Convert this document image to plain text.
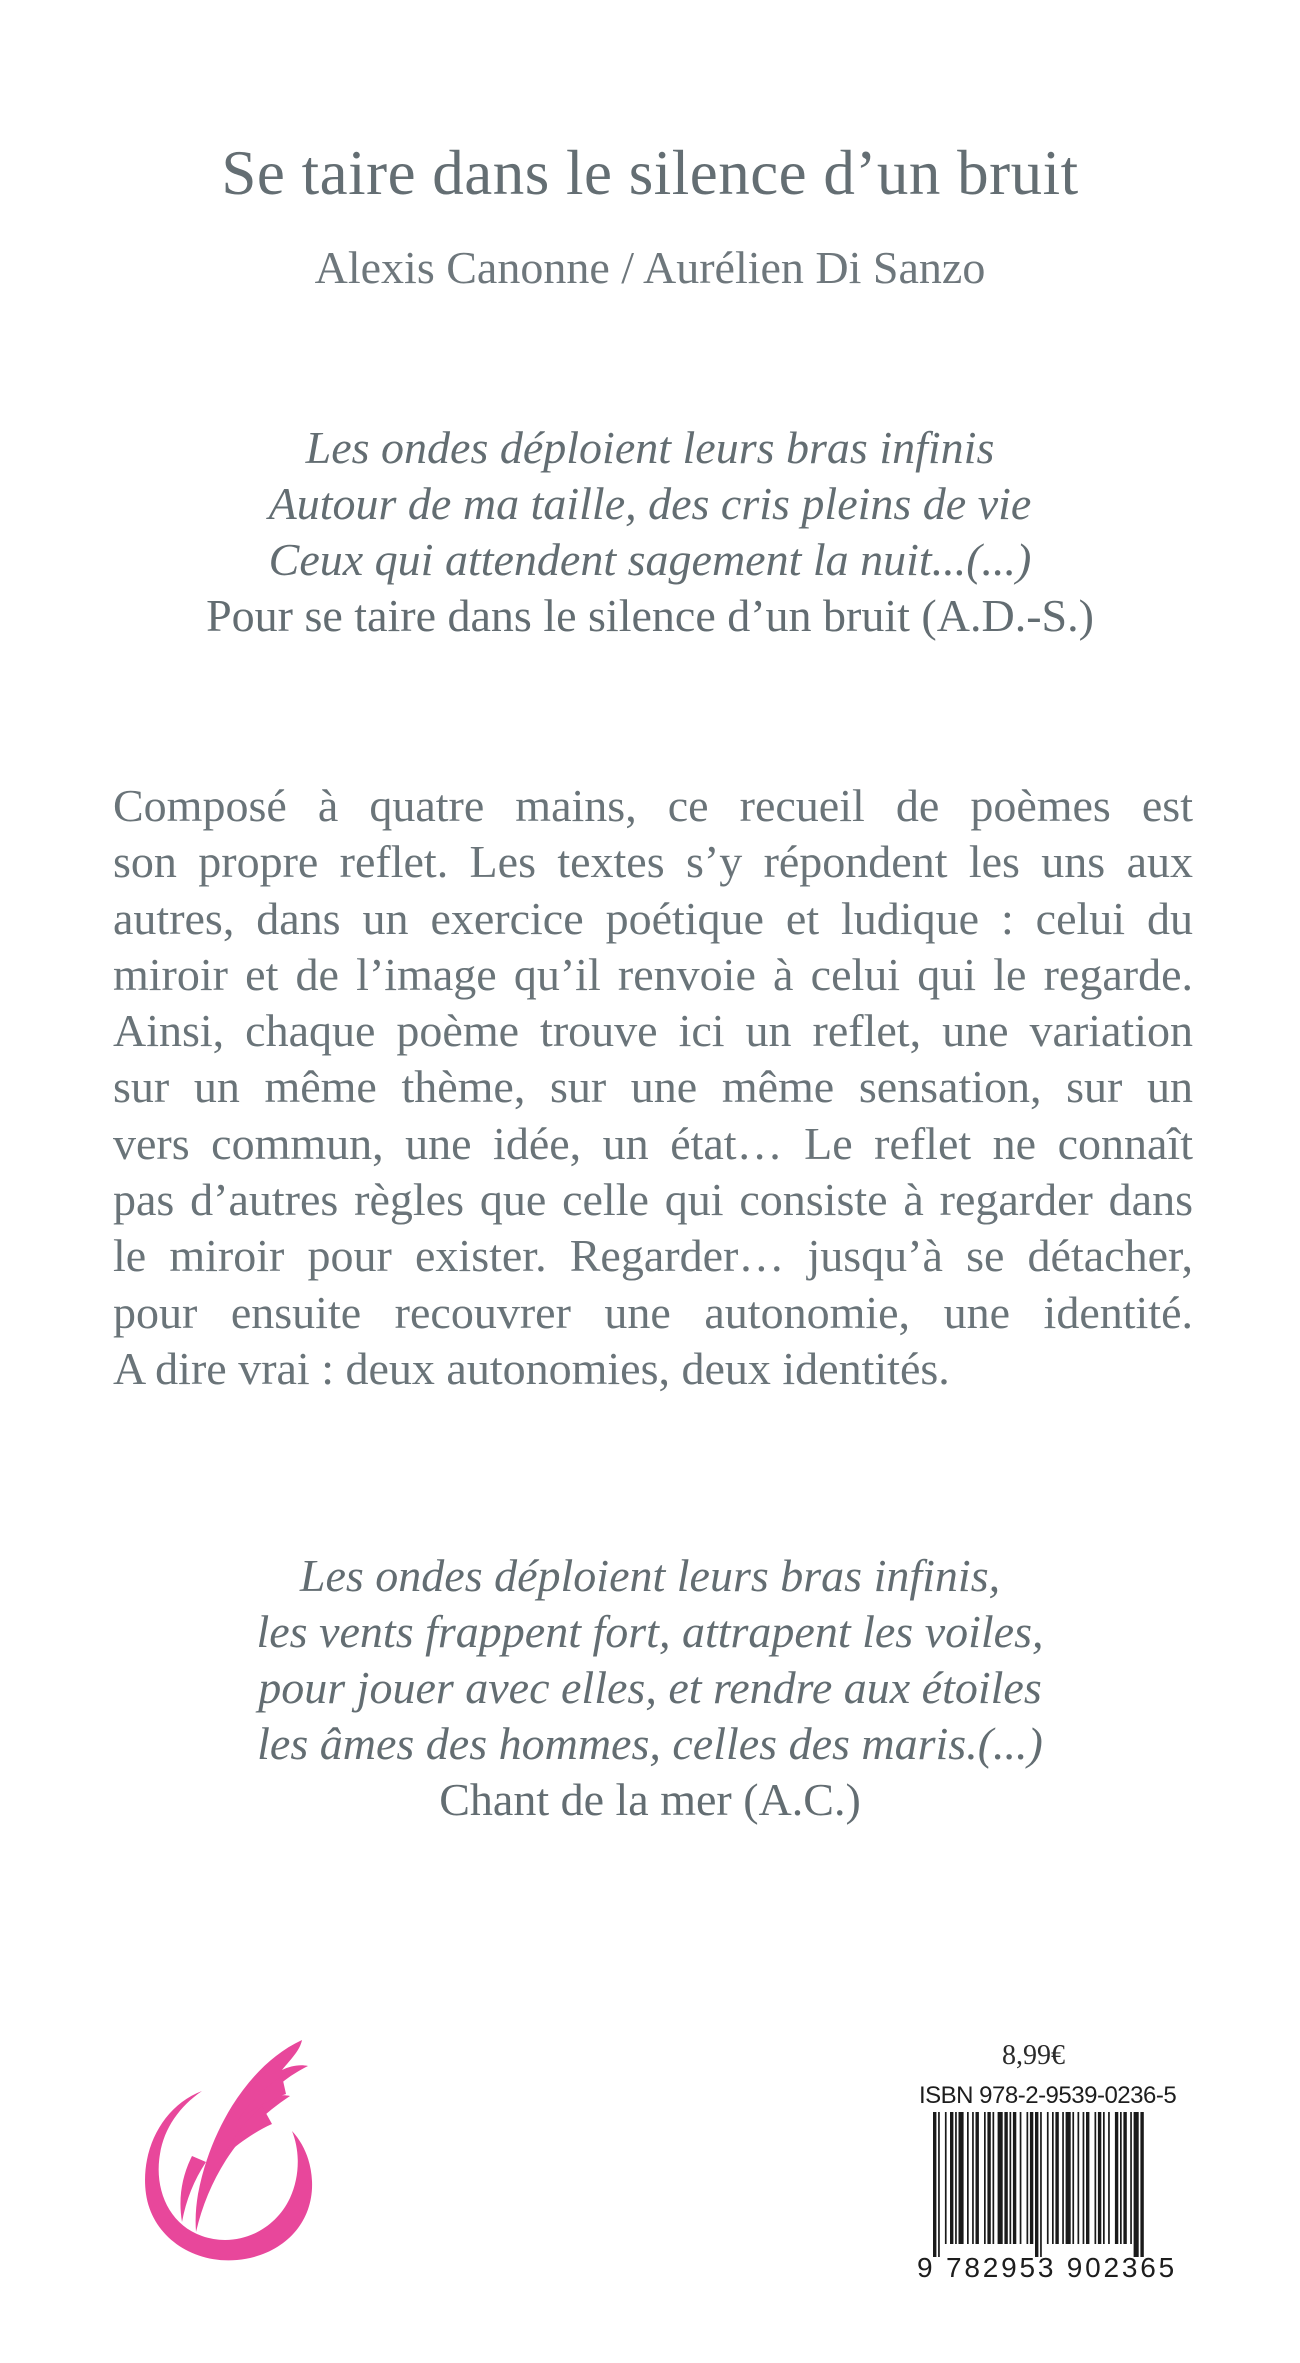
Se taire dans le silence d’un bruit
Alexis Canonne / Aurélien Di Sanzo
Les ondes déploient leurs bras infinis
Autour de ma taille, des cris pleins de vie
Ceux qui attendent sagement la nuit...(...)
Pour se taire dans le silence d’un bruit (A.D.-S.)
Composé à quatre mains, ce recueil de poèmes est
son propre reflet. Les textes s’y répondent les uns aux
autres, dans un exercice poétique et ludique : celui du
miroir et de l’image qu’il renvoie à celui qui le regarde.
Ainsi, chaque poème trouve ici un reflet, une variation
sur un même thème, sur une même sensation, sur un
vers commun, une idée, un état… Le reflet ne connaît
pas d’autres règles que celle qui consiste à regarder dans
le miroir pour exister. Regarder… jusqu’à se détacher,
pour ensuite recouvrer une autonomie, une identité.
A dire vrai : deux autonomies, deux identités.
Les ondes déploient leurs bras infinis,
les vents frappent fort, attrapent les voiles,
pour jouer avec elles, et rendre aux étoiles
les âmes des hommes, celles des maris.(...)
Chant de la mer (A.C.)
8,99€
ISBN 978-2-9539-0236-5
9 782953 902365
